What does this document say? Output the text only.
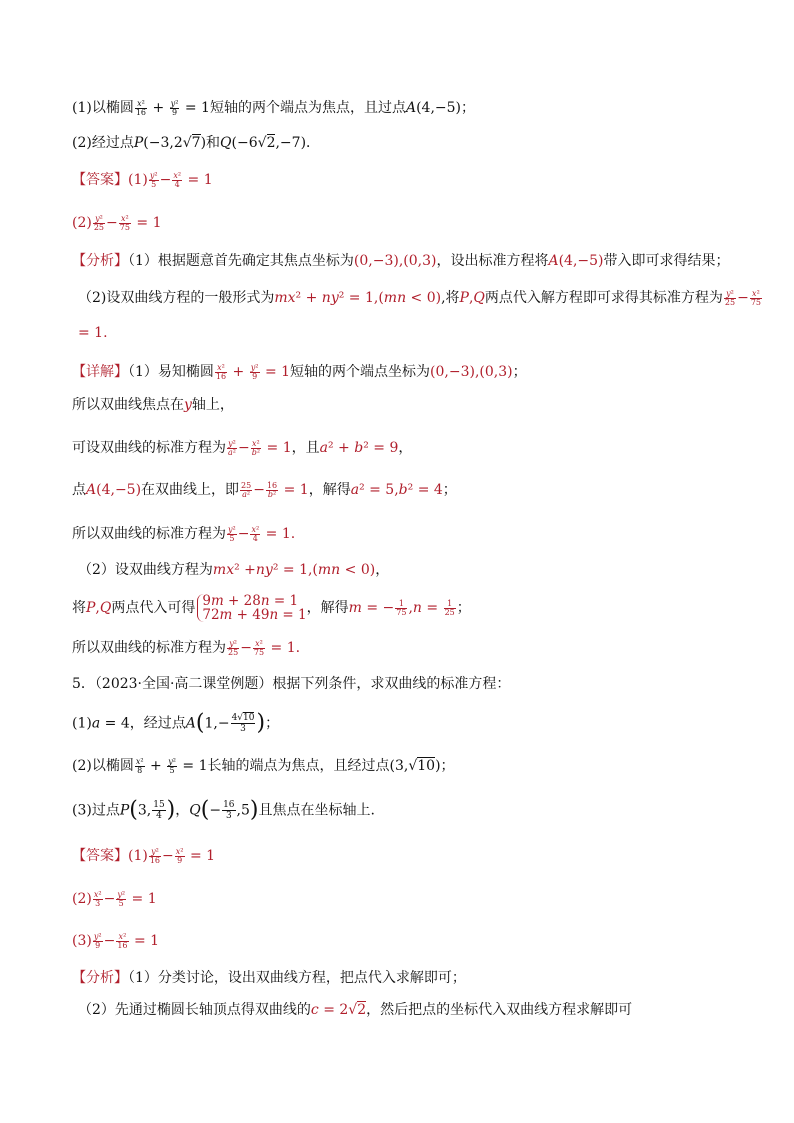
(1)以椭圆 $\frac{\text{x²}}{16} + \frac{\text{y²}}{9} = 1$短轴的两个端点为焦点，且过点A(4,−5)；
(2)经过点P(−3,2√7)和Q(−6√2,−7)．
【答案】$(1) \frac{\text{y²}}{5} - \frac{\text{x²}}{4} = 1$
$(2) \frac{\text{y²}}{25} - \frac{\text{x²}}{75} = 1$
【分析】（1）根据题意首先确定其焦点坐标为(0,−3),(0,3)，设出标准方程将A(4,−5)带入即可求得结果；
（2)设双曲线方程的一般形式为mx² + ny² = 1,(mn < 0),将P,Q两点代入解方程即可求得其标准方程为 $\frac{\text{y²}}{25} - \frac{\text{x²}}{75}$
= 1.
【详解】（1）易知椭圆 $\frac{\text{x²}}{16} + \frac{\text{y²}}{9} = 1$短轴的两个端点坐标为(0,−3),(0,3)；
所以双曲线焦点在y轴上，
可设双曲线的标准方程为 $\frac{\text{y²}}{\text{a²}} - \frac{\text{x²}}{\text{b²}} = 1$，且a² + b² = 9，
点A(4,−5)在双曲线上，即 $\frac{25}{\text{a²}} - \frac{16}{\text{b²}} = 1$，解得a² = 5,b² = 4；
所以双曲线的标准方程为 $\frac{\text{y²}}{5} - \frac{\text{x²}}{4} = 1$.
（2）设双曲线方程为mx² +ny² = 1,(mn < 0)，
将P,Q两点代入可得 9m + 28n = 1
72m + 49n = 1，解得m = − $\frac{1}{75} ,n = \frac{1}{25}$ ；
所以双曲线的标准方程为 $\frac{\text{y²}}{25} - \frac{\text{x²}}{75} = 1$.
5．（2023·全国·高二课堂例题）根据下列条件，求双曲线的标准方程：
(1)a = 4，经过点$A(1,- \frac{4√10}{3}$ )；
(2)以椭圆 $\frac{\text{x²}}{8} + \frac{\text{y²}}{5} = 1$长轴的端点为焦点，且经过点(3,√10)；
(3)过点P(3, $\frac{15}{4}$ )，$Q(- \frac{16}{3} ,5)$且焦点在坐标轴上.
【答案】$(1) \frac{\text{y²}}{16} - \frac{\text{x²}}{9} = 1$
$(2) \frac{\text{x²}}{3} - \frac{\text{y²}}{5} = 1$
$(3) \frac{\text{y²}}{9} - \frac{\text{x²}}{16} = 1$
【分析】（1）分类讨论，设出双曲线方程，把点代入求解即可；
（2）先通过椭圆长轴顶点得双曲线的c = 2√2，然后把点的坐标代入双曲线方程求解即可
